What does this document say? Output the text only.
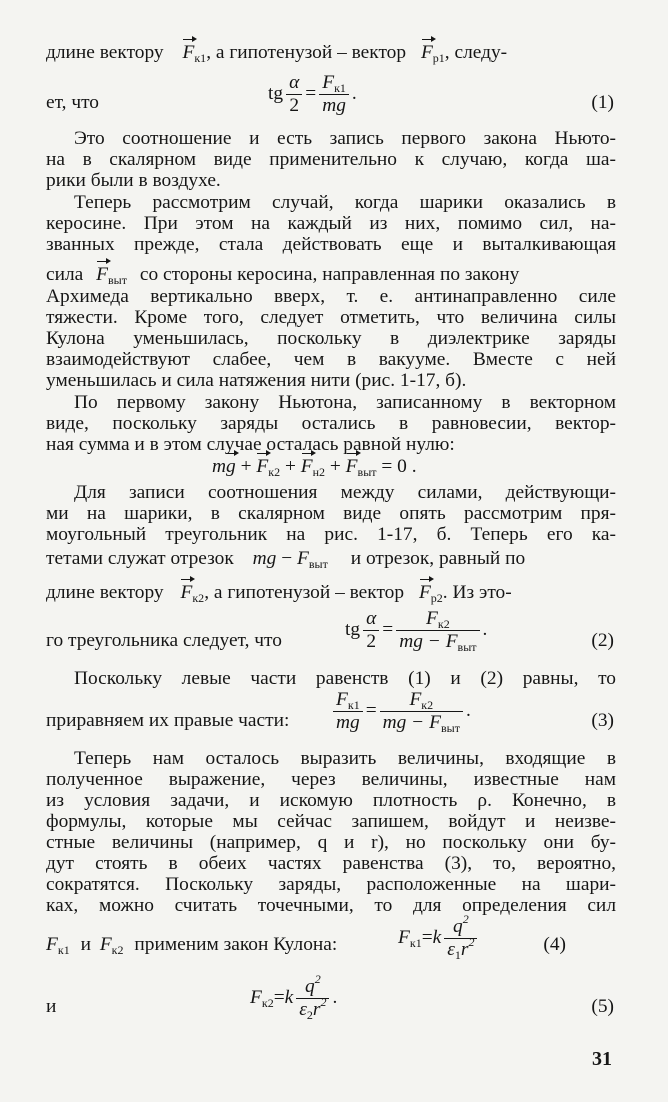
длине вектору $F_{к1}$, а гипотенузой – вектор $F_{р1}$, следу-
ет, что	tg $\frac{\alpha}{2} = \frac{F_{к1}}{mg}$ .	(1)
Это соотношение и есть запись первого закона Ньюто-
на в скалярном виде применительно к случаю, когда ша-
рики были в воздухе.
Теперь рассмотрим случай, когда шарики оказались в
керосине. При этом на каждый из них, помимо сил, на-
званных прежде, стала действовать еще и выталкивающая
сила $F_{выт}$ со стороны керосина, направленная по закону
Архимеда вертикально вверх, т. е. антинаправленно силе
тяжести. Кроме того, следует отметить, что величина силы
Кулона уменьшилась, поскольку в диэлектрике заряды
взаимодействуют слабее, чем в вакууме. Вместе с ней
уменьшилась и сила натяжения нити (рис. 1-17, б).
По первому закону Ньютона, записанному в векторном
виде, поскольку заряды остались в равновесии, вектор-
ная сумма и в этом случае осталась равной нулю:
mg + $F_{к2} + F_{н2} + F_{выт} = 0$ .
Для записи соотношения между силами, действующи-
ми на шарики, в скалярном виде опять рассмотрим пря-
моугольный треугольник на рис. 1-17, б. Теперь его ка-
тетами служат отрезок mg − $F_{выт}$ и отрезок, равный по
длине вектору $F_{к2}$, а гипотенузой – вектор $F_{р2}$. Из это-
го треугольника следует, что
tg $\frac{\alpha}{2} = \frac{F_{к2}}{mg - F_{выт}}$ .
(2)
Поскольку левые части равенств (1) и (2) равны, то
приравняем их правые части:	$\frac{F_{к1}}{mg} = \frac{F_{к2}}{mg - F_{выт}}$ .	(3)
Теперь нам осталось выразить величины, входящие в
полученное выражение, через величины, известные нам
из условия задачи, и искомую плотность ρ. Конечно, в
формулы, которые мы сейчас запишем, войдут и неизве-
стные величины (например, q и r), но поскольку они бу-
дут стоять в обеих частях равенства (3), то, вероятно,
сократятся. Поскольку заряды, расположенные на шари-
ках, можно считать точечными, то для определения сил
$F_{к1}$ и $F_{к2}$ применим закон Кулона:	$F_{к1}=k \frac{q^2}{\varepsilon_1r^2}$	(4)
и	$F_{к2}=k \frac{q^2}{\varepsilon_2r^2}$ .	(5)
31
